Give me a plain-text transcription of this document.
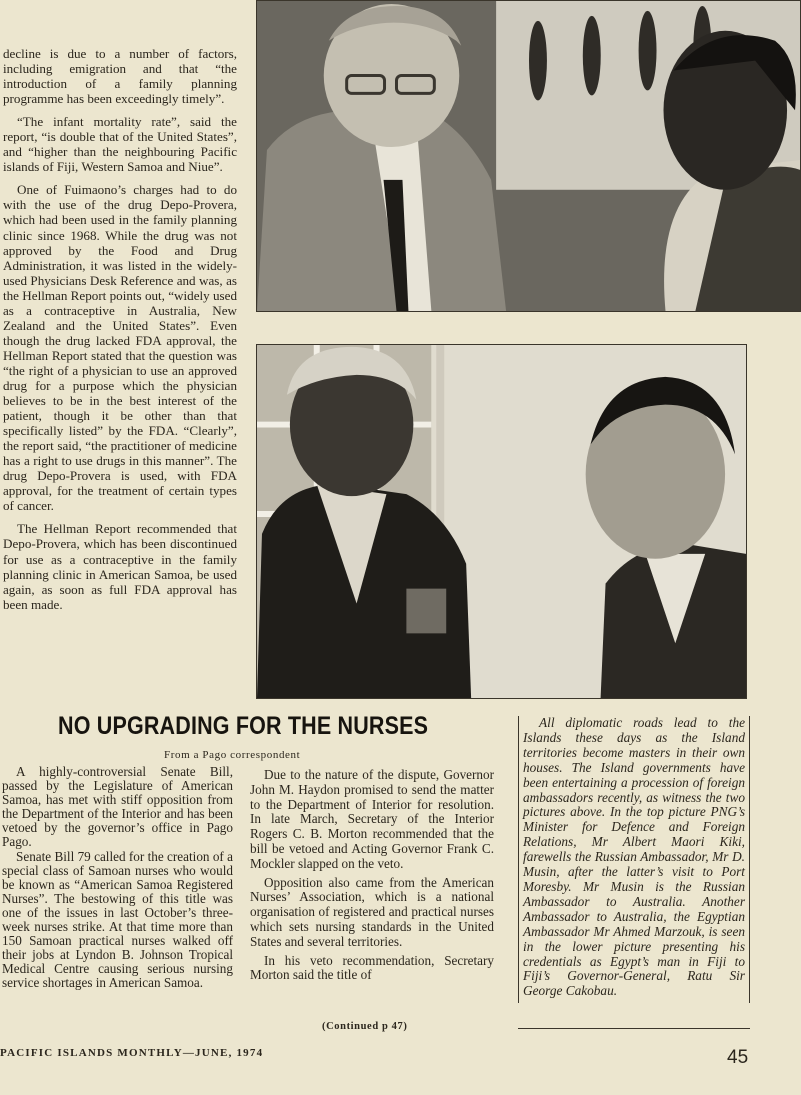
decline is due to a number of factors, including emigration and that “the introduction of a family planning programme has been exceedingly timely”.

“The infant mortality rate”, said the report, “is double that of the United States”, and “higher than the neighbouring Pacific islands of Fiji, Western Samoa and Niue”.

One of Fuimaono’s charges had to do with the use of the drug Depo-Provera, which had been used in the family planning clinic since 1968. While the drug was not approved by the Food and Drug Administration, it was listed in the widely-used Physicians Desk Reference and was, as the Hellman Report points out, “widely used as a contraceptive in Australia, New Zealand and the United States”. Even though the drug lacked FDA approval, the Hellman Report stated that the question was “the right of a physician to use an approved drug for a purpose which the physician believes to be in the best interest of the patient, though it be other than that specifically listed” by the FDA. “Clearly”, the report said, “the practitioner of medicine has a right to use drugs in this manner”. The drug Depo-Provera is used, with FDA approval, for the treatment of certain types of cancer.

The Hellman Report recommended that Depo-Provera, which has been discontinued for use as a contraceptive in the family planning clinic in American Samoa, be used again, as soon as full FDA approval has been made.

NO UPGRADING FOR THE NURSES
From a Pago correspondent

A highly-controversial Senate Bill, passed by the Legislature of American Samoa, has met with stiff opposition from the Department of the Interior and has been vetoed by the governor’s office in Pago Pago.

Senate Bill 79 called for the creation of a special class of Samoan nurses who would be known as “American Samoa Registered Nurses”. The bestowing of this title was one of the issues in last October’s three-week nurses strike. At that time more than 150 Samoan practical nurses walked off their jobs at Lyndon B. Johnson Tropical Medical Centre causing serious nursing service shortages in American Samoa.

Due to the nature of the dispute, Governor John M. Haydon promised to send the matter to the Department of Interior for resolution. In late March, Secretary of the Interior Rogers C. B. Morton recommended that the bill be vetoed and Acting Governor Frank C. Mockler slapped on the veto.

Opposition also came from the American Nurses’ Association, which is a national organisation of registered and practical nurses which sets nursing standards in the United States and several territories.

In his veto recommendation, Secretary Morton said the title of

(Continued p 47)
All diplomatic roads lead to the Islands these days as the Island territories become masters in their own houses. The Island governments have been entertaining a procession of foreign ambassadors recently, as witness the two pictures above. In the top picture PNG’s Minister for Defence and Foreign Relations, Mr Albert Maori Kiki, farewells the Russian Ambassador, Mr D. Musin, after the latter’s visit to Port Moresby. Mr Musin is the Russian Ambassador to Australia. Another Ambassador to Australia, the Egyptian Ambassador Mr Ahmed Marzouk, is seen in the lower picture presenting his credentials as Egypt’s man in Fiji to Fiji’s Governor-General, Ratu Sir George Cakobau.
PACIFIC ISLANDS MONTHLY—JUNE, 1974	45
